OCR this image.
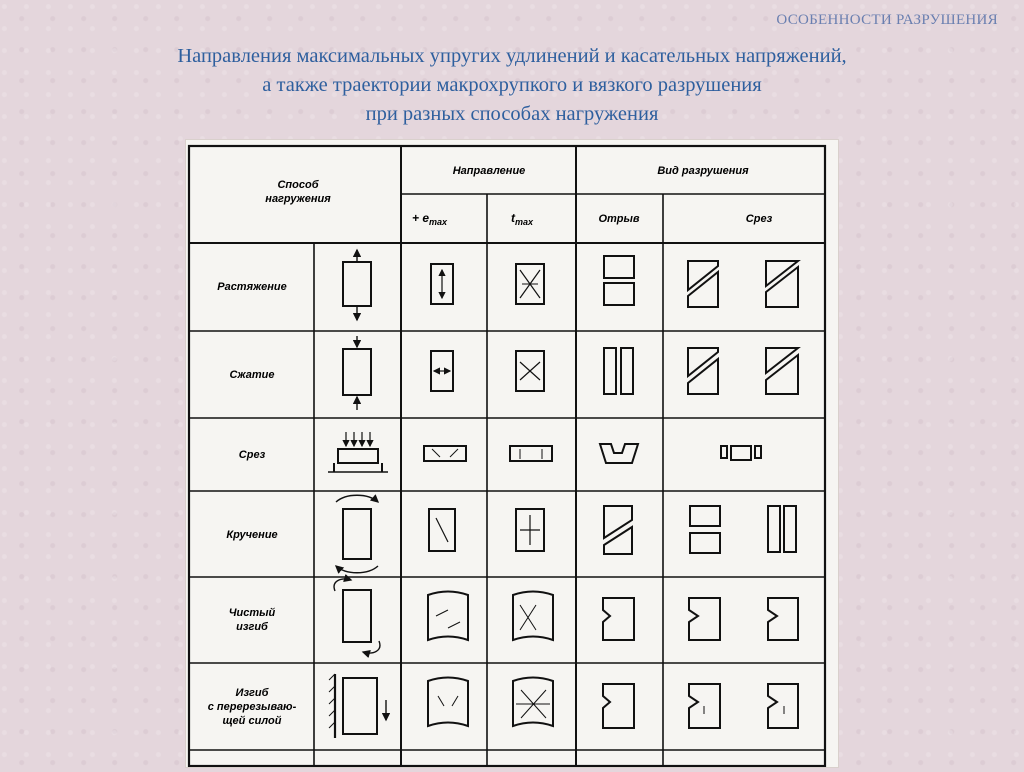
ОСОБЕННОСТИ РАЗРУШЕНИЯ
Направления максимальных упругих удлинений и касательных напряжений,
а также траектории макрохрупкого и вязкого разрушения
при разных способах нагружения
Способ
нагружения
Направление	Вид разрушения
+ $e_{max}$	$t_{max}$	Отрыв	Срез
Растяжение
Сжатие
Срез
Кручение
Чистый
изгиб
Изгиб
с перерезываю-
щей силой
